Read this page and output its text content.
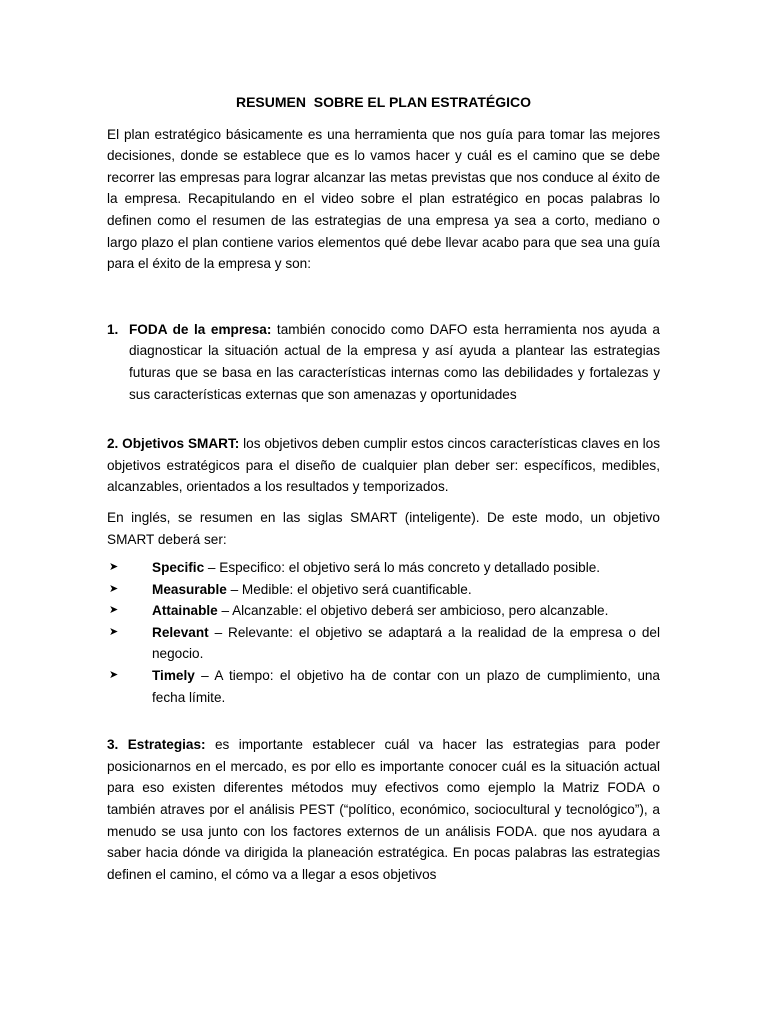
RESUMEN  SOBRE EL PLAN ESTRATÉGICO

El plan estratégico básicamente es una herramienta que nos guía para tomar las mejores decisiones, donde se establece que es lo vamos hacer y cuál es el camino que se debe recorrer las empresas para lograr alcanzar las metas previstas que nos conduce al éxito de la empresa. Recapitulando en el video sobre el plan estratégico en pocas palabras lo definen como el resumen de las estrategias de una empresa ya sea a corto, mediano o largo plazo el plan contiene varios elementos qué debe llevar acabo para que sea una guía para el éxito de la empresa y son:

1. FODA de la empresa: también conocido como DAFO esta herramienta nos ayuda a diagnosticar la situación actual de la empresa y así ayuda a plantear las estrategias futuras que se basa en las características internas como las debilidades y fortalezas y sus características externas que son amenazas y oportunidades

2. Objetivos SMART: los objetivos deben cumplir estos cincos características claves en los objetivos estratégicos para el diseño de cualquier plan deber ser: específicos, medibles, alcanzables, orientados a los resultados y temporizados.

En inglés, se resumen en las siglas SMART (inteligente). De este modo, un objetivo SMART deberá ser:

➤	Specific – Especifico: el objetivo será lo más concreto y detallado posible.
➤	Measurable – Medible: el objetivo será cuantificable.
➤	Attainable – Alcanzable: el objetivo deberá ser ambicioso, pero alcanzable.
➤	Relevant – Relevante: el objetivo se adaptará a la realidad de la empresa o del negocio.
➤	Timely – A tiempo: el objetivo ha de contar con un plazo de cumplimiento, una fecha límite.

3. Estrategias: es importante establecer cuál va hacer las estrategias para poder posicionarnos en el mercado, es por ello es importante conocer cuál es la situación actual para eso existen diferentes métodos muy efectivos como ejemplo la Matriz FODA o también atraves por el análisis PEST (“político, económico, sociocultural y tecnológico”), a menudo se usa junto con los factores externos de un análisis FODA. que nos ayudara a saber hacia dónde va dirigida la planeación estratégica. En pocas palabras las estrategias definen el camino, el cómo va a llegar a esos objetivos
